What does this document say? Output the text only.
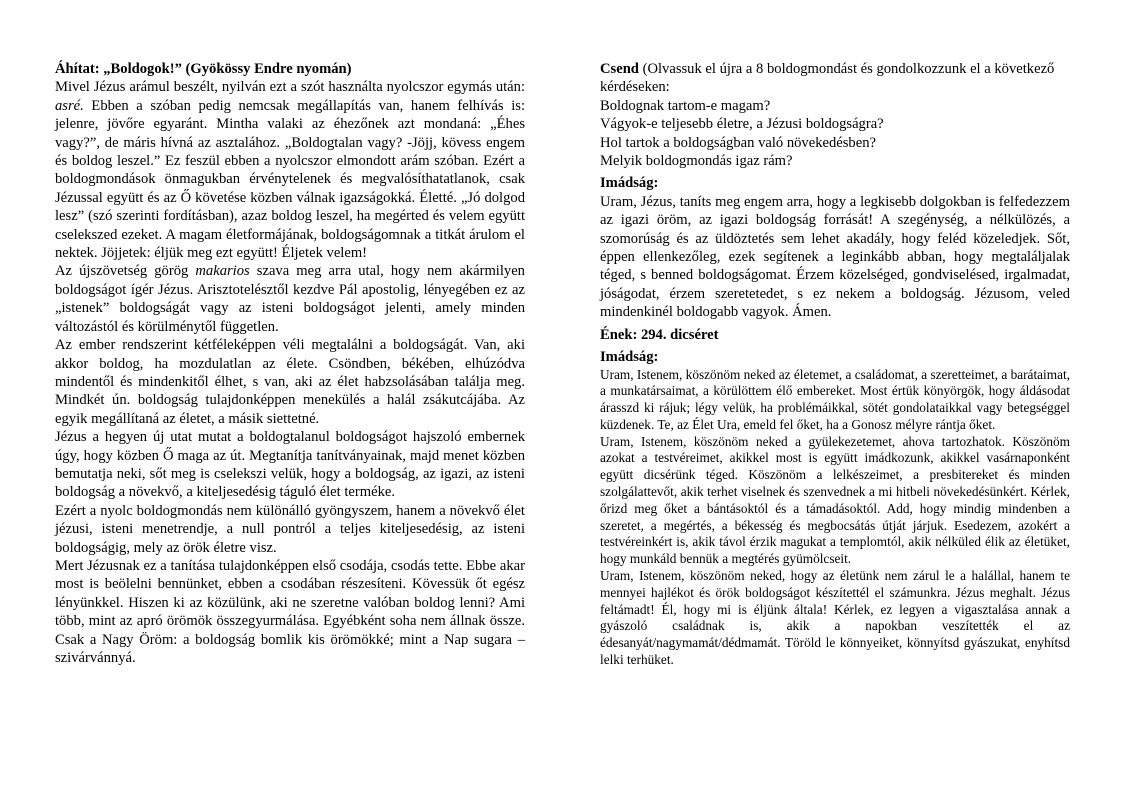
Áhítat: „Boldogok!” (Gyökössy Endre nyomán)

Mivel Jézus arámul beszélt, nyilván ezt a szót használta nyolcszor egymás után: asré. Ebben a szóban pedig nemcsak megállapítás van, hanem felhívás is: jelenre, jövőre egyaránt. Mintha valaki az éhezőnek azt mondaná: „Éhes vagy?”, de máris hívná az asztalához. „Boldogtalan vagy? -Jöjj, kövess engem és boldog leszel.” Ez feszül ebben a nyolcszor elmondott arám szóban. Ezért a boldogmondások önmagukban érvénytelenek és megvalósíthatatlanok, csak Jézussal együtt és az Ő követése közben válnak igazságokká. Életté. „Jó dolgod lesz” (szó szerinti fordításban), azaz boldog leszel, ha megérted és velem együtt cselekszed ezeket. A magam életformájának, boldogságomnak a titkát árulom el nektek. Jöjjetek: éljük meg ezt együtt! Éljetek velem!

Az újszövetség görög makarios szava meg arra utal, hogy nem akármilyen boldogságot ígér Jézus. Arisztotelésztől kezdve Pál apostolig, lényegében ez az „istenek” boldogságát vagy az isteni boldogságot jelenti, amely minden változástól és körülménytől független.

Az ember rendszerint kétféleképpen véli megtalálni a boldogságát. Van, aki akkor boldog, ha mozdulatlan az élete. Csöndben, békében, elhúzódva mindentől és mindenkitől élhet, s van, aki az élet habzsolásában találja meg. Mindkét ún. boldogság tulajdonképpen menekülés a halál zsákutcájába. Az egyik megállítaná az életet, a másik siettetné.

Jézus a hegyen új utat mutat a boldogtalanul boldogságot hajszoló embernek úgy, hogy közben Ő maga az út. Megtanítja tanítványainak, majd menet közben bemutatja neki, sőt meg is cselekszi velük, hogy a boldogság, az igazi, az isteni boldogság a növekvő, a kiteljesedésig táguló élet terméke.

Ezért a nyolc boldogmondás nem különálló gyöngyszem, hanem a növekvő élet jézusi, isteni menetrendje, a null pontról a teljes kiteljesedésig, az isteni boldogságig, mely az örök életre visz.

Mert Jézusnak ez a tanítása tulajdonképpen első csodája, csodás tette. Ebbe akar most is beölelni bennünket, ebben a csodában részesíteni. Kövessük őt egész lényünkkel. Hiszen ki az közülünk, aki ne szeretne valóban boldog lenni? Ami több, mint az apró örömök összegyurmálása. Egyébként soha nem állnak össze. Csak a Nagy Öröm: a boldogság bomlik kis örömökké; mint a Nap sugara – szivárvánnyá.

Csend (Olvassuk el újra a 8 boldogmondást és gondolkozzunk el a következő kérdéseken:

Boldognak tartom-e magam?

Vágyok-e teljesebb életre, a Jézusi boldogságra?

Hol tartok a boldogságban való növekedésben?

Melyik boldogmondás igaz rám?

Imádság:

Uram, Jézus, taníts meg engem arra, hogy a legkisebb dolgokban is felfedezzem az igazi öröm, az igazi boldogság forrását! A szegénység, a nélkülözés, a szomorúság és az üldöztetés sem lehet akadály, hogy feléd közeledjek. Sőt, éppen ellenkezőleg, ezek segítenek a leginkább abban, hogy megtaláljalak téged, s benned boldogságomat. Érzem közelséged, gondviselésed, irgalmadat, jóságodat, érzem szeretetedet, s ez nekem a boldogság. Jézusom, veled mindenkinél boldogabb vagyok. Ámen.

Ének: 294. dicséret
Imádság:

Uram, Istenem, köszönöm neked az életemet, a családomat, a szeretteimet, a barátaimat, a munkatársaimat, a körülöttem élő embereket. Most értük könyörgök, hogy áldásodat árasszd ki rájuk; légy velük, ha problémáikkal, sötét gondolataikkal vagy betegséggel küzdenek. Te, az Élet Ura, emeld fel őket, ha a Gonosz mélyre rántja őket.

Uram, Istenem, köszönöm neked a gyülekezetemet, ahova tartozhatok. Köszönöm azokat a testvéreimet, akikkel most is együtt imádkozunk, akikkel vasárnaponként együtt dicsérünk téged. Köszönöm a lelkészeimet, a presbitereket és minden szolgálattevőt, akik terhet viselnek és szenvednek a mi hitbeli növekedésünkért. Kérlek, őrizd meg őket a bántásoktól és a támadásoktól. Add, hogy mindig mindenben a szeretet, a megértés, a békesség és megbocsátás útját járjuk. Esedezem, azokért a testvéreinkért is, akik távol érzik magukat a templomtól, akik nélküled élik az életüket, hogy munkáld bennük a megtérés gyümölcseit.

Uram, Istenem, köszönöm neked, hogy az életünk nem zárul le a halállal, hanem te mennyei hajlékot és örök boldogságot készítettél el számunkra. Jézus meghalt. Jézus feltámadt! Él, hogy mi is éljünk általa! Kérlek, ez legyen a vigasztalása annak a gyászoló családnak is, akik a napokban veszítették el az édesanyát/nagymamát/dédmamát. Töröld le könnyeiket, könnyítsd gyászukat, enyhítsd lelki terhüket.
